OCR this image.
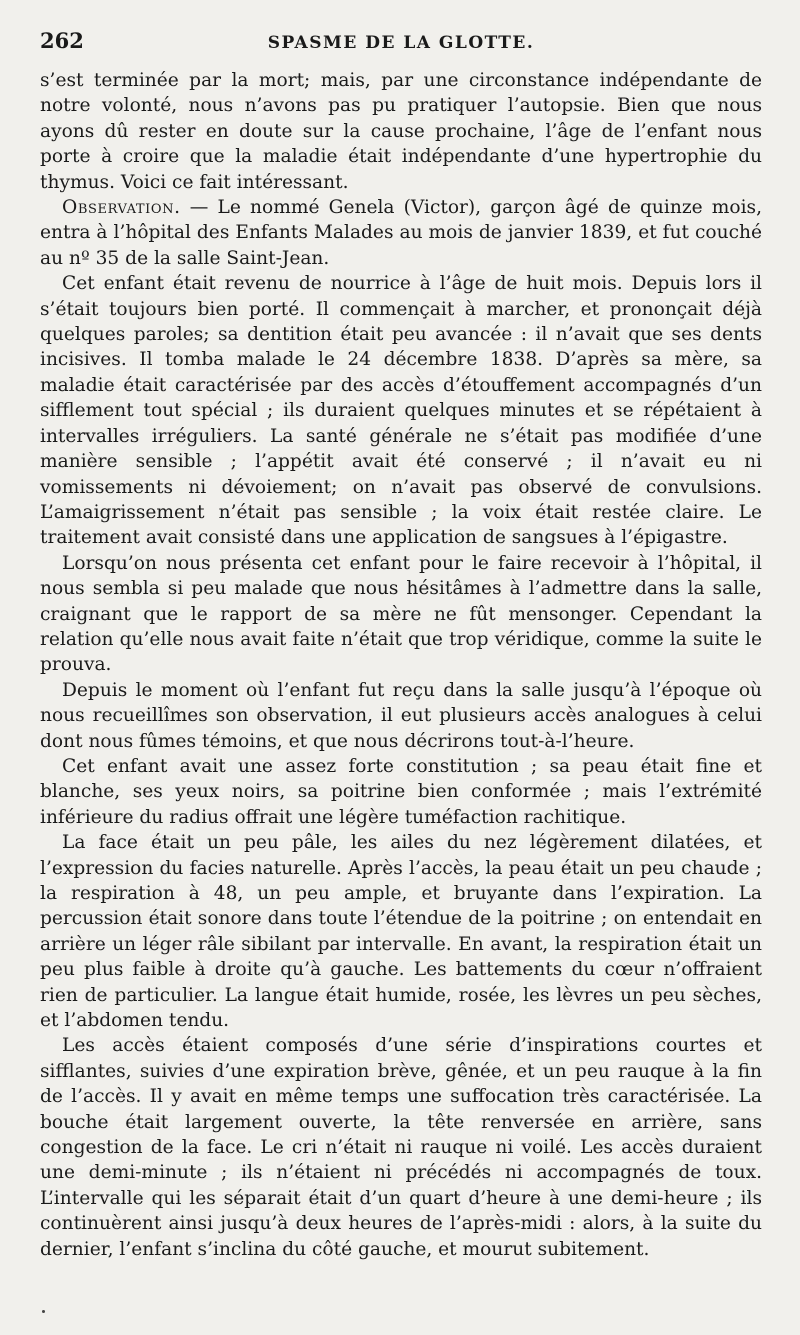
262	SPASME DE LA GLOTTE.

s’est terminée par la mort; mais, par une circonstance indépendante de notre volonté, nous n’avons pas pu pratiquer l’autopsie. Bien que nous ayons dû rester en doute sur la cause prochaine, l’âge de l’enfant nous porte à croire que la maladie était indépendante d’une hypertrophie du thymus. Voici ce fait intéressant.

Observation. — Le nommé Genela (Victor), garçon âgé de quinze mois, entra à l’hôpital des Enfants Malades au mois de janvier 1839, et fut couché au nº 35 de la salle Saint-Jean.

Cet enfant était revenu de nourrice à l’âge de huit mois. Depuis lors il s’était toujours bien porté. Il commençait à marcher, et prononçait déjà quelques paroles; sa dentition était peu avancée : il n’avait que ses dents incisives. Il tomba malade le 24 décembre 1838. D’après sa mère, sa maladie était caractérisée par des accès d’étouffement accompagnés d’un sifflement tout spécial ; ils duraient quelques minutes et se répétaient à intervalles irréguliers. La santé générale ne s’était pas modifiée d’une manière sensible ; l’appétit avait été conservé ; il n’avait eu ni vomissements ni dévoiement; on n’avait pas observé de convulsions. L’amaigrissement n’était pas sensible ; la voix était restée claire. Le traitement avait consisté dans une application de sangsues à l’épigastre.

Lorsqu’on nous présenta cet enfant pour le faire recevoir à l’hôpital, il nous sembla si peu malade que nous hésitâmes à l’admettre dans la salle, craignant que le rapport de sa mère ne fût mensonger. Cependant la relation qu’elle nous avait faite n’était que trop véridique, comme la suite le prouva.

Depuis le moment où l’enfant fut reçu dans la salle jusqu’à l’époque où nous recueillîmes son observation, il eut plusieurs accès analogues à celui dont nous fûmes témoins, et que nous décrirons tout-à-l’heure.

Cet enfant avait une assez forte constitution ; sa peau était fine et blanche, ses yeux noirs, sa poitrine bien conformée ; mais l’extrémité inférieure du radius offrait une légère tuméfaction rachitique.

La face était un peu pâle, les ailes du nez légèrement dilatées, et l’expression du facies naturelle. Après l’accès, la peau était un peu chaude ; la respiration à 48, un peu ample, et bruyante dans l’expiration. La percussion était sonore dans toute l’étendue de la poitrine ; on entendait en arrière un léger râle sibilant par intervalle. En avant, la respiration était un peu plus faible à droite qu’à gauche. Les battements du cœur n’offraient rien de particulier. La langue était humide, rosée, les lèvres un peu sèches, et l’abdomen tendu.

Les accès étaient composés d’une série d’inspirations courtes et sifflantes, suivies d’une expiration brève, gênée, et un peu rauque à la fin de l’accès. Il y avait en même temps une suffocation très caractérisée. La bouche était largement ouverte, la tête renversée en arrière, sans congestion de la face. Le cri n’était ni rauque ni voilé. Les accès duraient une demi-minute ; ils n’étaient ni précédés ni accompagnés de toux. L’intervalle qui les séparait était d’un quart d’heure à une demi-heure ; ils continuèrent ainsi jusqu’à deux heures de l’après-midi : alors, à la suite du dernier, l’enfant s’inclina du côté gauche, et mourut subitement.
